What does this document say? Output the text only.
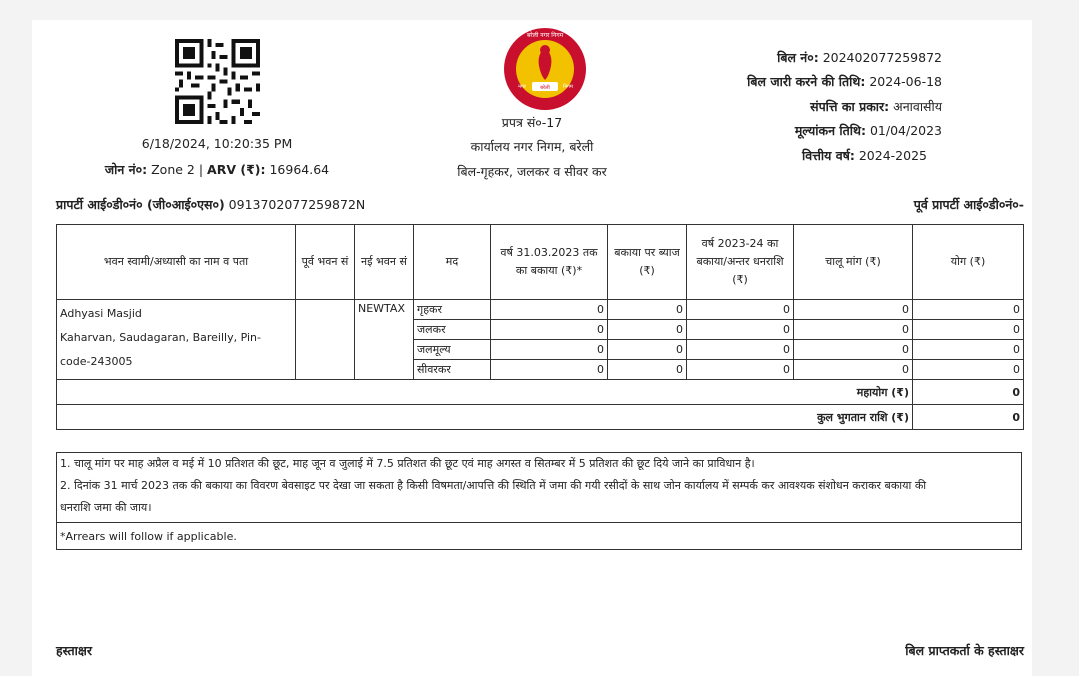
6/18/2024, 10:20:35 PM
जोन नं०: Zone 2 | ARV (₹): 16964.64
बरेली नगर निगम
नगर	निगम
बरेली
प्रपत्र सं०-17
कार्यालय नगर निगम, बरेली
बिल-गृहकर, जलकर व सीवर कर
बिल नं०: 20240207725987​2
बिल जारी करने की तिथि: 2024-06-18
संपत्ति का प्रकार: अनावासीय
मूल्यांकन तिथि: 01/04/2023
वित्तीय वर्ष: 2024-2025
प्रापर्टी आई०डी०नं० (जी०आई०एस०) 0913702077259872N	पूर्व प्रापर्टी आई०डी०नं०-
भवन स्वामी/अध्यासी का नाम व पता	पूर्व भवन सं	नई भवन सं	मद	वर्ष 31.03.2023 तक का बकाया (₹)*	बकाया पर ब्याज (₹)	वर्ष 2023-24 का बकाया/अन्तर धनराशि (₹)	चालू मांग (₹)	योग (₹)

Adhyasi Masjid
Kaharvan, Saudagaran, Bareilly, Pin-
code-243005		NEWTAX	गृहकर	0	0	0	0	0
			जलकर	0	0	0	0	0
			जलमूल्य	0	0	0	0	0
			सीवरकर	0	0	0	0	0
महायोग (₹)								0
कुल भुगतान राशि (₹)								0
1. चालू मांग पर माह अप्रैल व मई में 10 प्रतिशत की छूट, माह जून व जुलाई में 7.5 प्रतिशत की छूट एवं माह अगस्त व सितम्बर में 5 प्रतिशत की छूट दिये जाने का प्राविधान है।
2. दिनांक 31 मार्च 2023 तक की बकाया का विवरण बेवसाइट पर देखा जा सकता है किसी विषमता/आपत्ति की स्थिति में जमा की गयी रसीदों के साथ जोन कार्यालय में सम्पर्क कर आवश्यक संशोधन कराकर बकाया की
धनराशि जमा की जाय।
*Arrears will follow if applicable.
हस्ताक्षर	बिल प्राप्तकर्ता के हस्ताक्षर
